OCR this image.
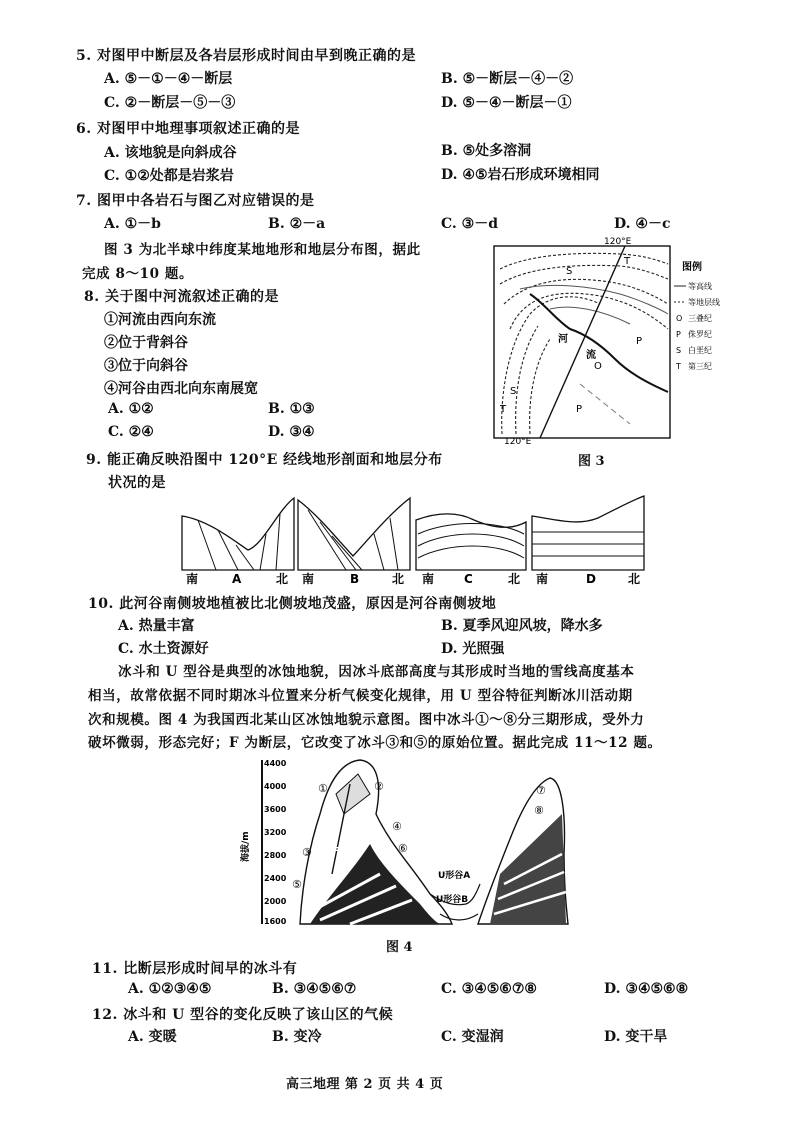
5. 对图甲中断层及各岩层形成时间由早到晚正确的是
A. ⑤－①－④－断层	B. ⑤－断层－④－②
C. ②－断层－⑤－③	D. ⑤－④－断层－①
6. 对图甲中地理事项叙述正确的是
A. 该地貌是向斜成谷	B. ⑤处多溶洞
C. ①②处都是岩浆岩	D. ④⑤岩石形成环境相同
7. 图甲中各岩石与图乙对应错误的是
A. ①－b	B. ②－a	C. ③－d	D. ④－c
图 3 为北半球中纬度某地地形和地层分布图，据此
完成 8～10 题。
8. 关于图中河流叙述正确的是
①河流由西向东流
②位于背斜谷
③位于向斜谷
④河谷由西北向东南展宽
A. ①②	B. ①③
C. ②④	D. ③④
120°E
120°E
S
T
P
O
河
流
S
T	P
图例
等高线
等地层线
O 三叠纪
P 侏罗纪
S 白垩纪
T 第三纪
图 3
9. 能正确反映沿图中 120°E 经线地形剖面和地层分布
状况的是
南	A	北 南	B	北 南 C	北 南	D	北
10. 此河谷南侧坡地植被比北侧坡地茂盛，原因是河谷南侧坡地
A. 热量丰富	B. 夏季风迎风坡，降水多
C. 水土资源好	D. 光照强
冰斗和 U 型谷是典型的冰蚀地貌，因冰斗底部高度与其形成时当地的雪线高度基本
相当，故常依据不同时期冰斗位置来分析气候变化规律，用 U 型谷特征判断冰川活动期
次和规模。图 4 为我国西北某山区冰蚀地貌示意图。图中冰斗①～⑧分三期形成，受外力
破坏微弱，形态完好；F 为断层，它改变了冰斗③和⑤的原始位置。据此完成 11～12 题。
4400
4000
3600
3200
2800
2400
2000
1600
海拔/m
U形谷A
U形谷B
F
①	②
③
④
⑤
⑥
⑦
⑧
图 4
11. 比断层形成时间早的冰斗有
A. ①②③④⑤	B. ③④⑤⑥⑦	C. ③④⑤⑥⑦⑧	D. ③④⑤⑥⑧
12. 冰斗和 U 型谷的变化反映了该山区的气候
A. 变暖	B. 变冷	C. 变湿润	D. 变干旱
高三地理 第 2 页 共 4 页
